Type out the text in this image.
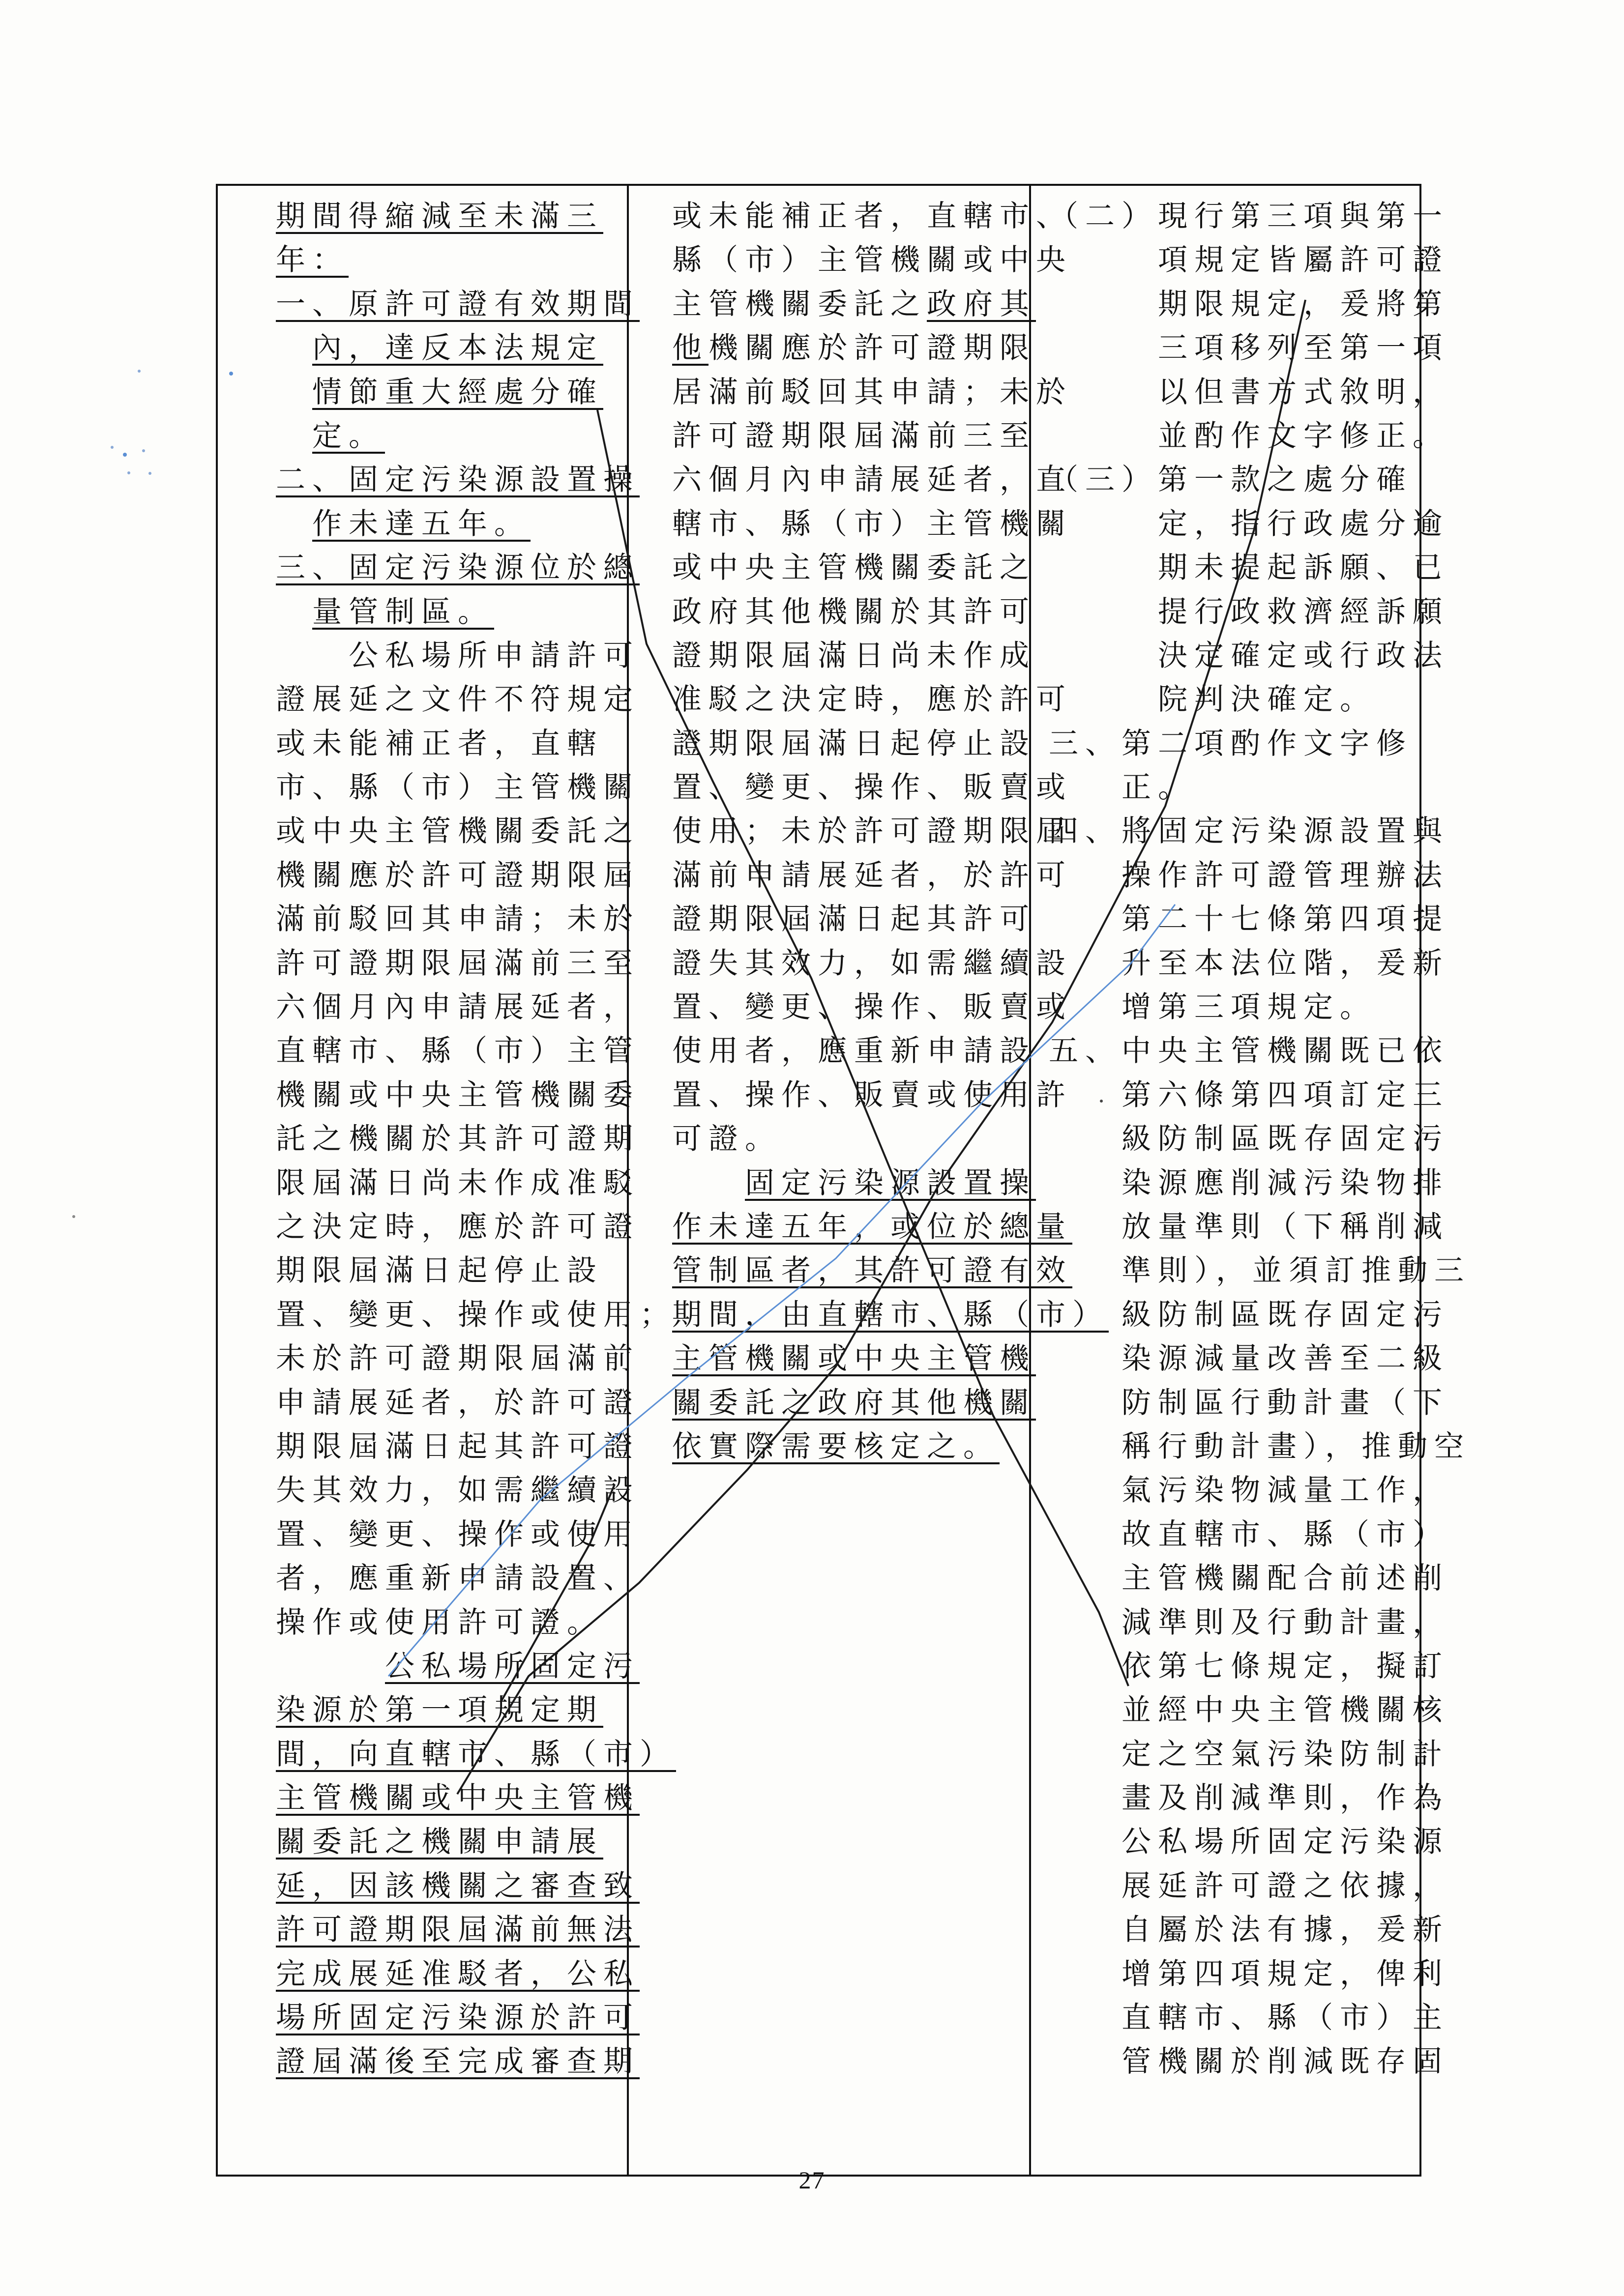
期間得縮減至未滿三
年：
一、原許可證有效期間
內，達反本法規定
情節重大經處分確
定。
二、固定污染源設置操
作未達五年。
三、固定污染源位於總
量管制區。
公私場所申請許可
證展延之文件不符規定
或未能補正者，直轄
市、縣（市）主管機關
或中央主管機關委託之
機關應於許可證期限屆
滿前駁回其申請；未於
許可證期限屆滿前三至
六個月內申請展延者，
直轄市、縣（市）主管
機關或中央主管機關委
託之機關於其許可證期
限屆滿日尚未作成准駁
之決定時，應於許可證
期限屆滿日起停止設
置、變更、操作或使用；
未於許可證期限屆滿前
申請展延者，於許可證
期限屆滿日起其許可證
失其效力，如需繼續設
置、變更、操作或使用
者，應重新申請設置、
操作或使用許可證。
公私場所固定污
染源於第一項規定期
間，向直轄市、縣（市）
主管機關或中央主管機
關委託之機關申請展
延，因該機關之審查致
許可證期限屆滿前無法
完成展延准駁者，公私
場所固定污染源於許可
證屆滿後至完成審查期
或未能補正者，直轄市、
縣（市）主管機關或中央
主管機關委託之政府其
他機關應於許可證期限
居滿前駁回其申請；未於
許可證期限屆滿前三至
六個月內申請展延者，直
轄市、縣（市）主管機關
或中央主管機關委託之
政府其他機關於其許可
證期限屆滿日尚未作成
准駁之決定時，應於許可
證期限屆滿日起停止設
置、變更、操作、販賣或
使用；未於許可證期限屆
滿前申請展延者，於許可
證期限屆滿日起其許可
證失其效力，如需繼續設
置、變更、操作、販賣或
使用者，應重新申請設
置、操作、販賣或使用許
可證。
固定污染源設置操
作未達五年，或位於總量
管制區者，其許可證有效
期間，由直轄市、縣（市）
主管機關或中央主管機
關委託之政府其他機關
依實際需要核定之。
（二）現行第三項與第一
項規定皆屬許可證
期限規定，爰將第
三項移列至第一項
以但書方式敘明，
並酌作文字修正。
（三）第一款之處分確
定，指行政處分逾
期未提起訴願、已
提行政救濟經訴願
決定確定或行政法
院判決確定。
三、第二項酌作文字修
正。
四、將固定污染源設置與
操作許可證管理辦法
第二十七條第四項提
升至本法位階，爰新
增第三項規定。
五、中央主管機關既已依
第六條第四項訂定三
級防制區既存固定污
染源應削減污染物排
放量準則（下稱削減
準則），並須訂推動三
級防制區既存固定污
染源減量改善至二級
防制區行動計畫（下
稱行動計畫），推動空
氣污染物減量工作，
故直轄市、縣（市）
主管機關配合前述削
減準則及行動計畫，
依第七條規定，擬訂
並經中央主管機關核
定之空氣污染防制計
畫及削減準則，作為
公私場所固定污染源
展延許可證之依據，
自屬於法有據，爰新
增第四項規定，俾利
直轄市、縣（市）主
管機關於削減既存固
27
